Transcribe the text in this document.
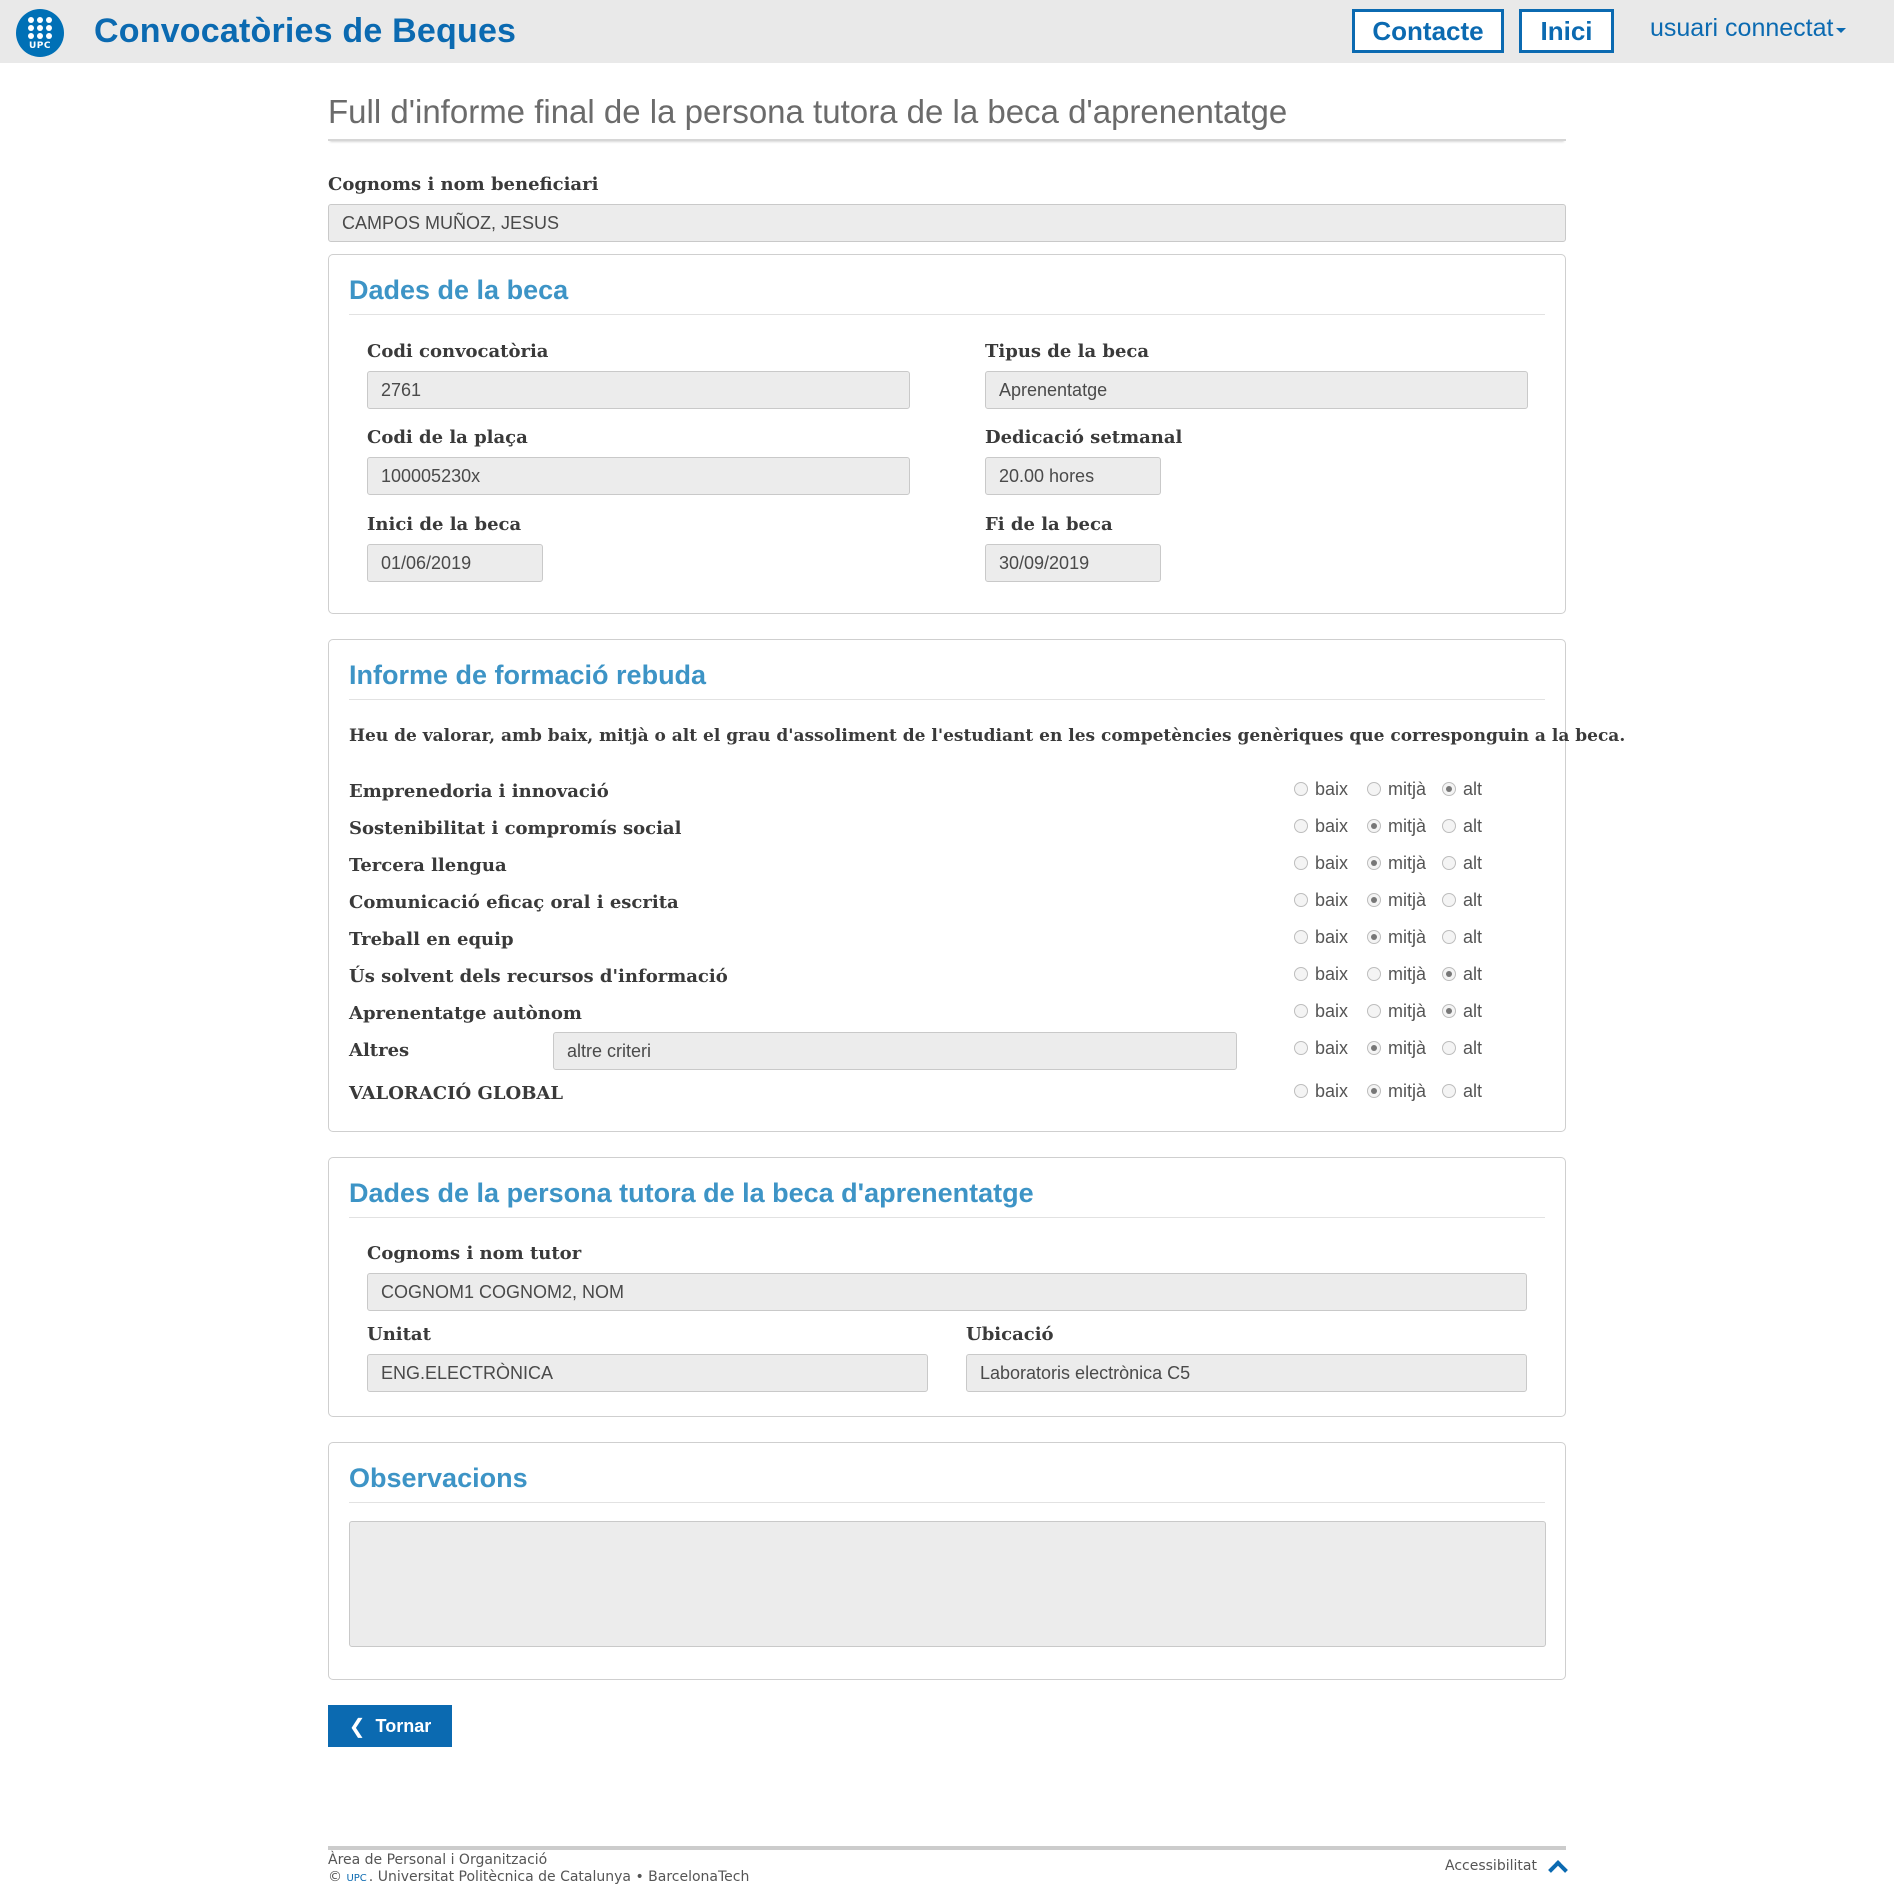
UPC	Convocatòries de Beques	Contacte	Inici	usuari connectat
Full d'informe final de la persona tutora de la beca d'aprenentatge
Cognoms i nom beneficiari
CAMPOS MUÑOZ, JESUS
Dades de la beca
Codi convocatòria
2761
Tipus de la beca
Aprenentatge
Codi de la plaça
100005230x
Dedicació setmanal
20.00 hores
Inici de la beca
01/06/2019
Fi de la beca
30/09/2019
Informe de formació rebuda
Heu de valorar, amb baix, mitjà o alt el grau d'assoliment de l'estudiant en les competències genèriques que corresponguin a la beca.
Emprenedoria i innovació	baix mitjà alt
Sostenibilitat i compromís social	baix mitjà alt
Tercera llengua	baix mitjà alt
Comunicació eficaç oral i escrita	baix mitjà alt
Treball en equip	baix mitjà alt
Ús solvent dels recursos d'informació	baix mitjà alt
Aprenentatge autònom	baix mitjà alt
Altres	baix mitjà alt
VALORACIÓ GLOBAL	baix mitjà alt
altre criteri
Dades de la persona tutora de la beca d'aprenentatge
Cognoms i nom tutor
COGNOM1 COGNOM2, NOM
Unitat
ENG.ELECTRÒNICA
Ubicació
Laboratoris electrònica C5
Observacions
❮ Tornar
Àrea de Personal i Organització
© UPC . Universitat Politècnica de Catalunya • BarcelonaTech
Accessibilitat
